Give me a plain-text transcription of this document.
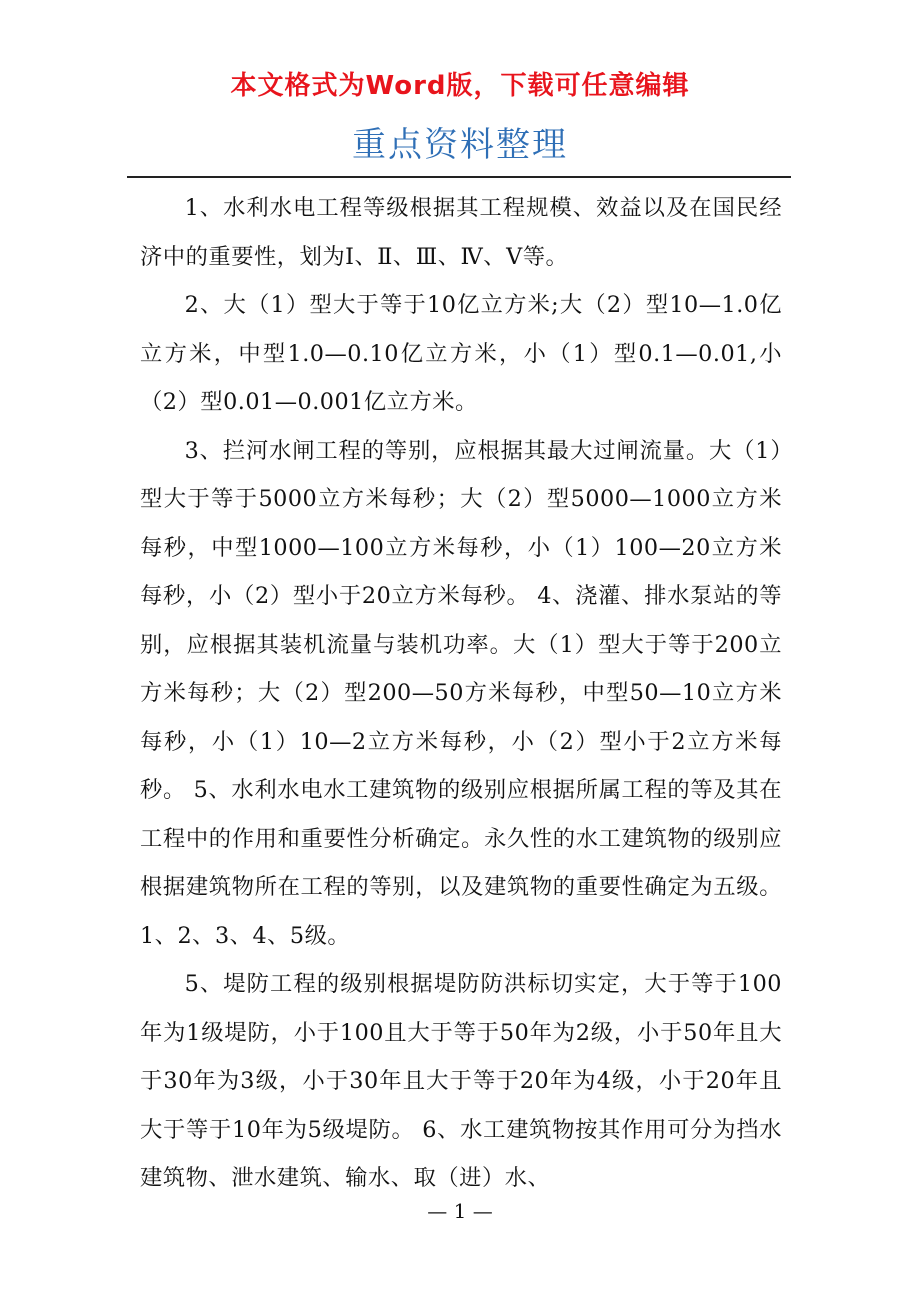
本文格式为Word版，下载可任意编辑
重点资料整理

1、水利水电工程等级根据其工程规模、效益以及在国民经济中的重要性，划为Ⅰ、Ⅱ、Ⅲ、Ⅳ、Ⅴ等。

2、大（1）型大于等于10亿立方米;大（2）型10—1.0亿立方米，中型1.0—0.10亿立方米，小（1）型0.1—0.01,小（2）型0.01—0.001亿立方米。

3、拦河水闸工程的等别，应根据其最大过闸流量。大（1）型大于等于5000立方米每秒；大（2）型5000—1000立方米每秒，中型1000—100立方米每秒，小（1）100—20立方米每秒，小（2）型小于20立方米每秒。 4、浇灌、排水泵站的等别，应根据其装机流量与装机功率。大（1）型大于等于200立方米每秒；大（2）型200—50方米每秒，中型50—10立方米每秒，小（1）10—2立方米每秒，小（2）型小于2立方米每秒。 5、水利水电水工建筑物的级别应根据所属工程的等及其在工程中的作用和重要性分析确定。永久性的水工建筑物的级别应根据建筑物所在工程的等别，以及建筑物的重要性确定为五级。1、2、3、4、5级。

5、堤防工程的级别根据堤防防洪标切实定，大于等于100年为1级堤防，小于100且大于等于50年为2级，小于50年且大于30年为3级，小于30年且大于等于20年为4级，小于20年且大于等于10年为5级堤防。 6、水工建筑物按其作用可分为挡水建筑物、泄水建筑、输水、取（进）水、

— 1 —
